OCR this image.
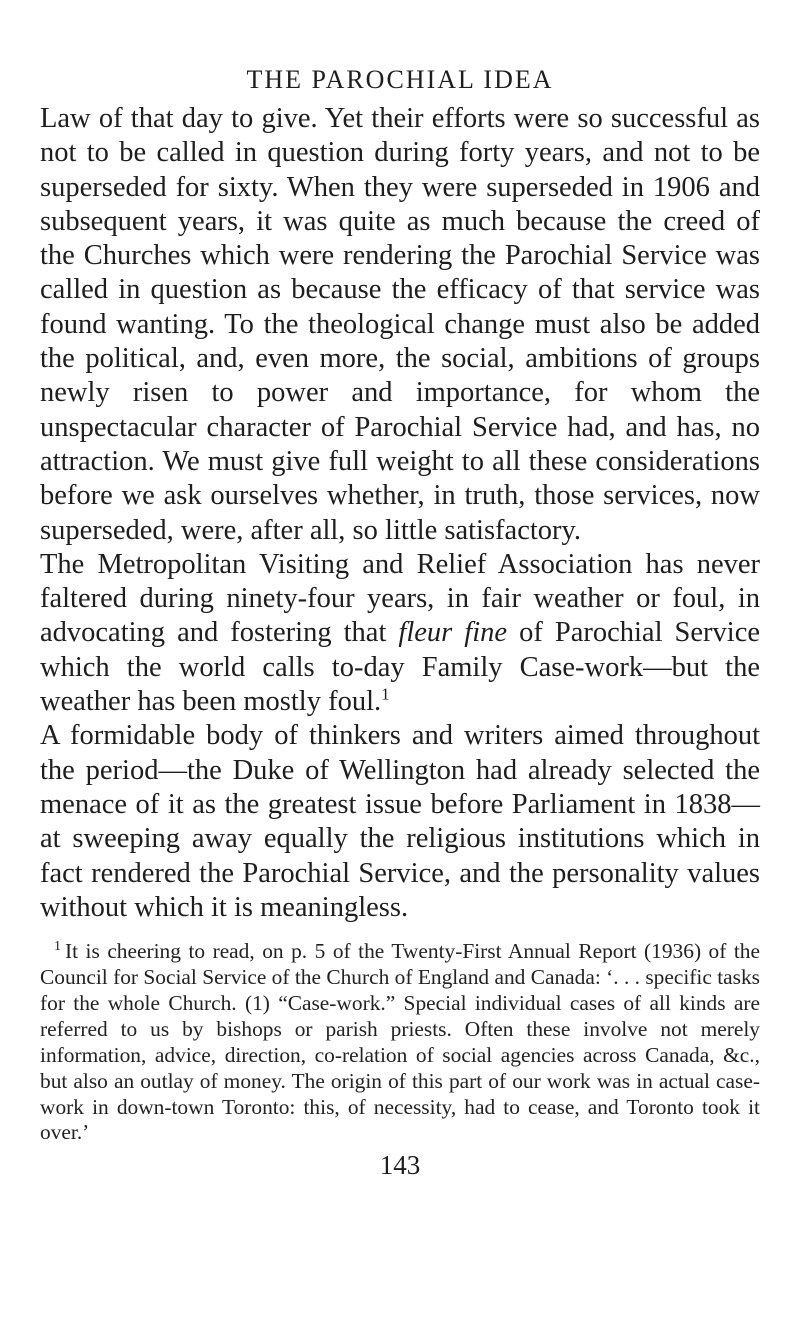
THE PAROCHIAL IDEA

Law of that day to give. Yet their efforts were so successful as not to be called in question during forty years, and not to be superseded for sixty. When they were superseded in 1906 and subsequent years, it was quite as much because the creed of the Churches which were rendering the Parochial Service was called in question as because the efficacy of that service was found wanting. To the theological change must also be added the political, and, even more, the social, ambitions of groups newly risen to power and importance, for whom the unspectacular character of Parochial Service had, and has, no attraction. We must give full weight to all these considerations before we ask ourselves whether, in truth, those services, now superseded, were, after all, so little satisfactory.

The Metropolitan Visiting and Relief Association has never faltered during ninety-four years, in fair weather or foul, in advocating and fostering that fleur fine of Parochial Service which the world calls to-day Family Case-work—but the weather has been mostly foul.$^1$

A formidable body of thinkers and writers aimed throughout the period—the Duke of Wellington had already selected the menace of it as the greatest issue before Parliament in 1838—at sweeping away equally the religious institutions which in fact rendered the Parochial Service, and the personality values without which it is meaningless.

$^1$ It is cheering to read, on p. 5 of the Twenty-First Annual Report (1936) of the Council for Social Service of the Church of England and Canada: ‘. . . specific tasks for the whole Church. (1) “Case-work.” Special individual cases of all kinds are referred to us by bishops or parish priests. Often these involve not merely information, advice, direction, co-relation of social agencies across Canada, &c., but also an outlay of money. The origin of this part of our work was in actual case-work in down-town Toronto: this, of necessity, had to cease, and Toronto took it over.’

143
